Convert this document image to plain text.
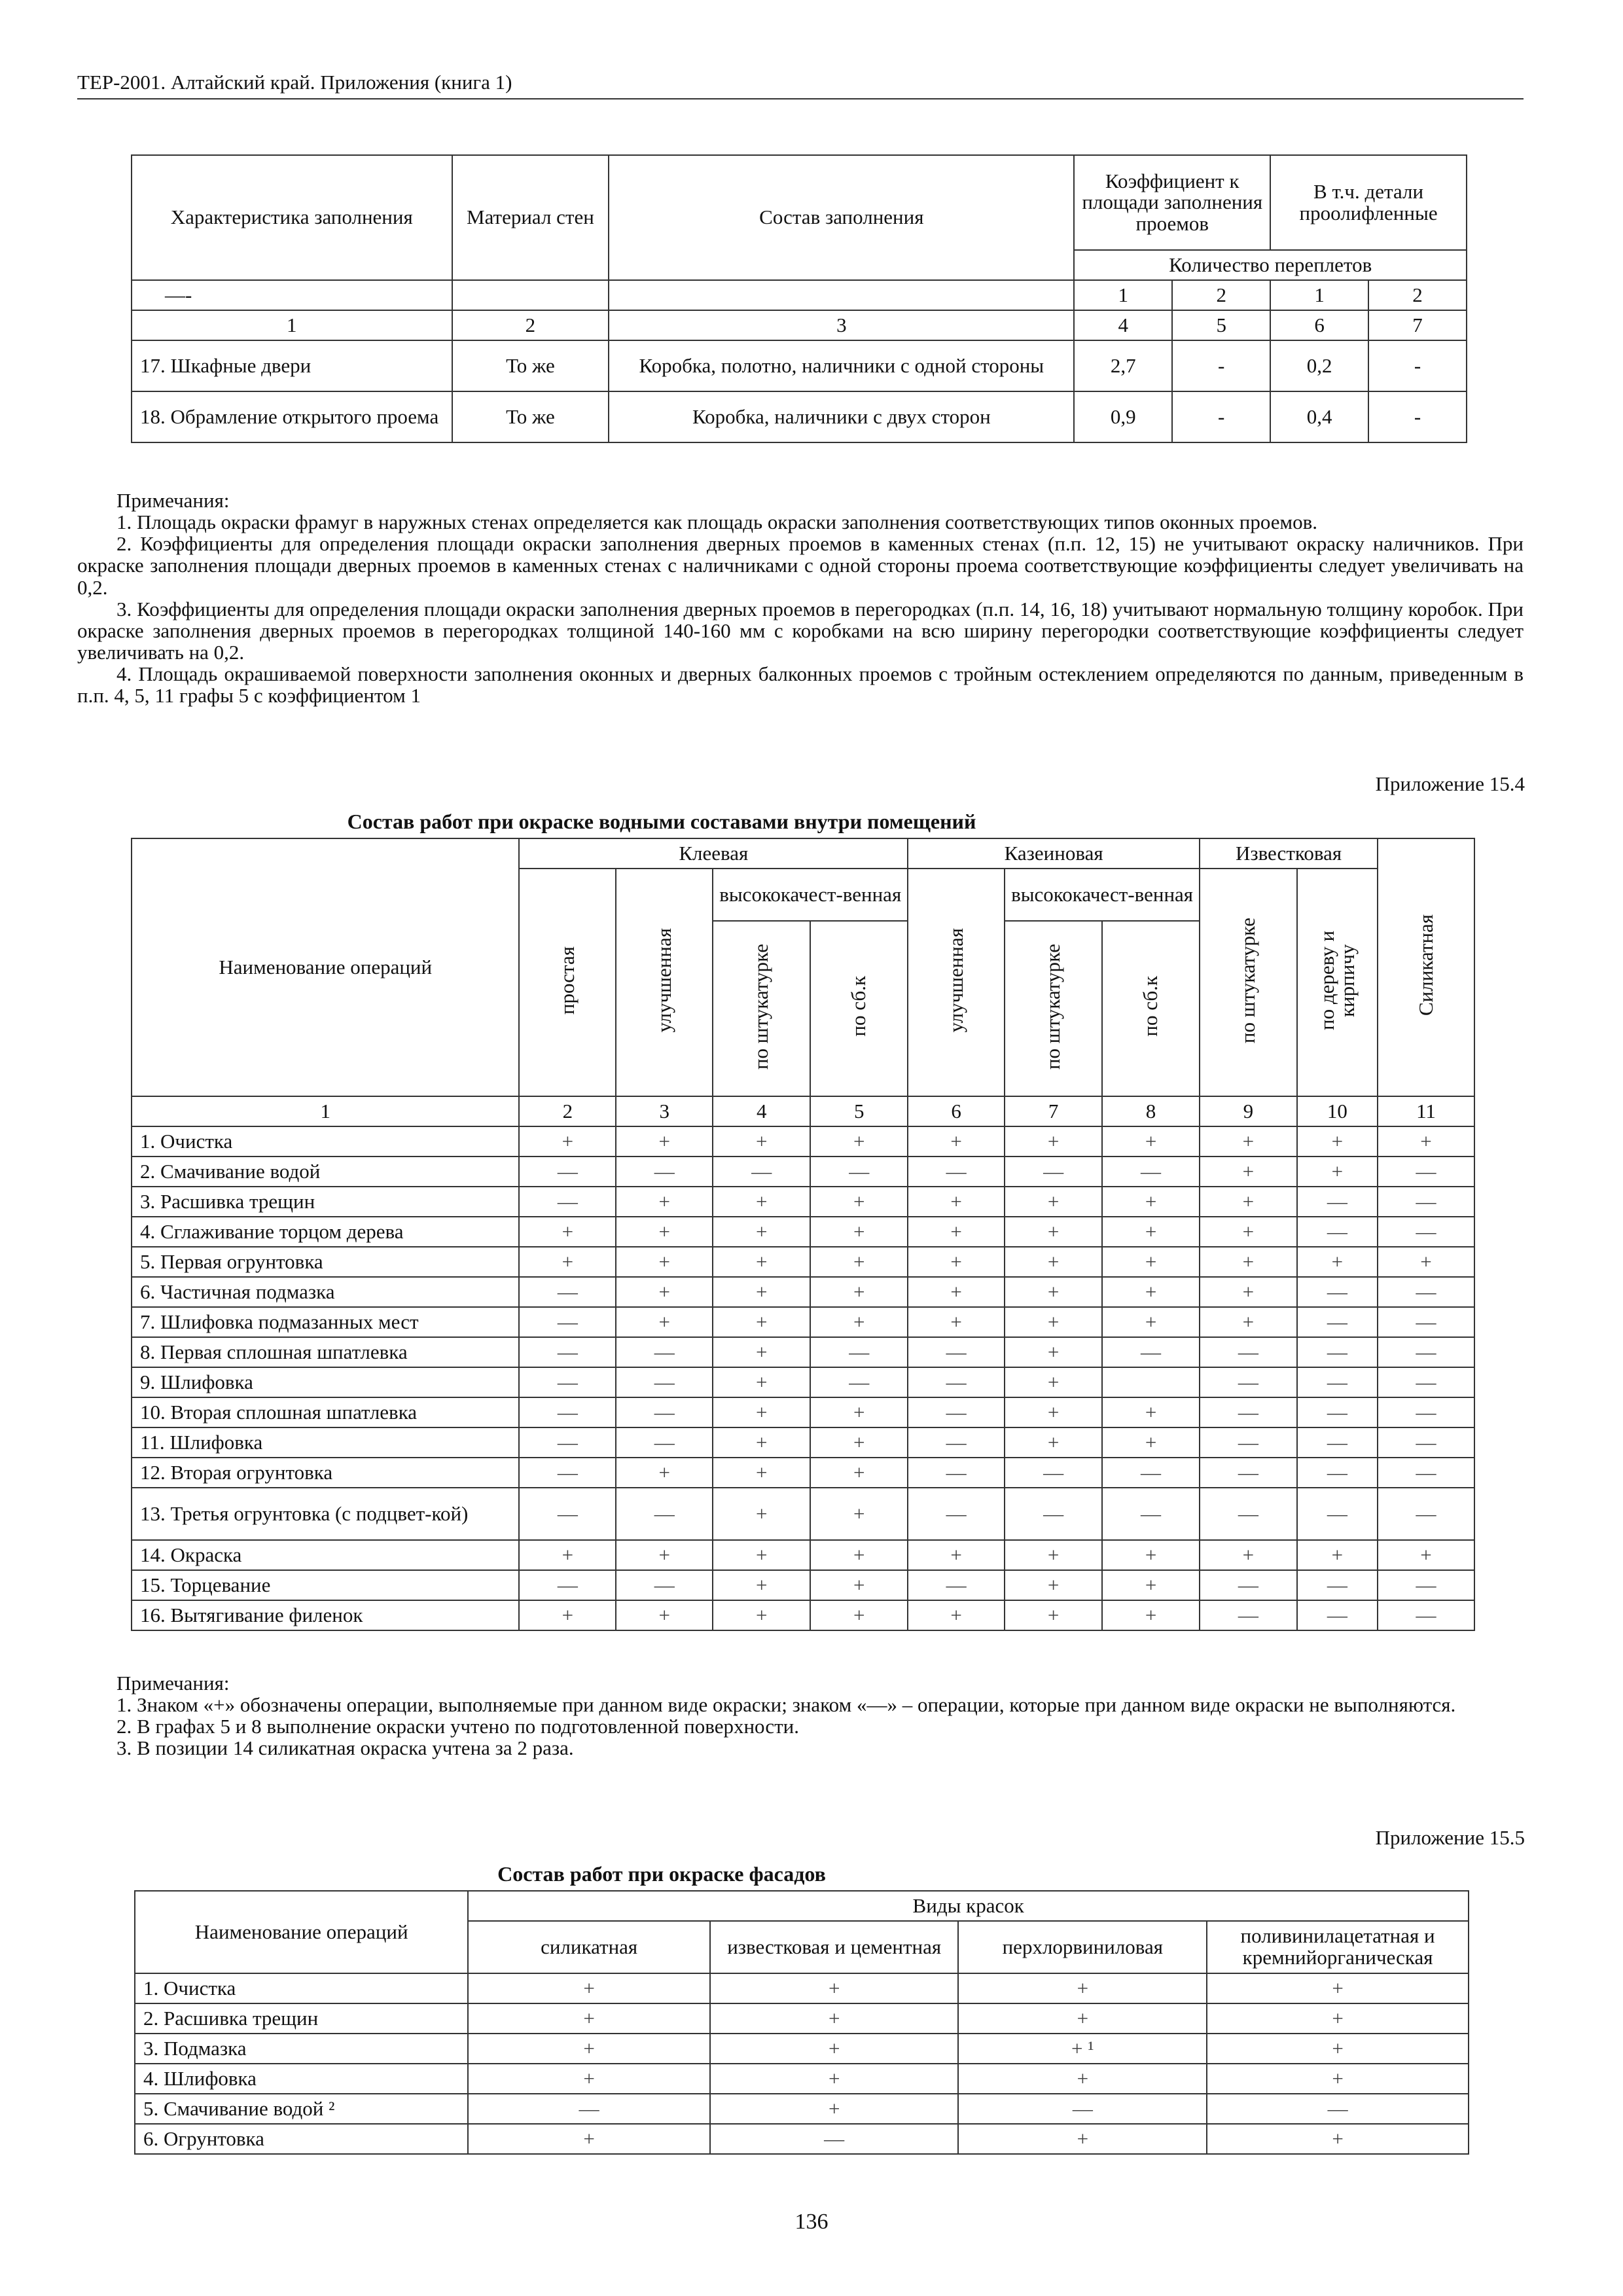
ТЕР-2001. Алтайский край. Приложения (книга 1)
Характеристика заполнения	Материал стен	Состав заполнения	Коэффициент к площади заполнения проемов		В т.ч. детали проолифленные	
			Количество переплетов			
—-			1	2	1	2
1	2	3	4	5	6	7
17. Шкафные двери	То же	Коробка, полотно, наличники с одной стороны	2,7	-	0,2	-
18. Обрамление открытого проема	То же	Коробка, наличники с двух сторон	0,9	-	0,4	-

Примечания:

1. Площадь окраски фрамуг в наружных стенах определяется как площадь окраски заполнения соответствующих типов оконных проемов.

2. Коэффициенты для определения площади окраски заполнения дверных проемов в каменных стенах (п.п. 12, 15) не учитывают окраску наличников. При окраске заполнения площади дверных проемов в каменных стенах с наличниками с одной стороны проема соответствующие коэффициенты следует увеличивать на 0,2.

3. Коэффициенты для определения площади окраски заполнения дверных проемов в перегородках (п.п. 14, 16, 18) учитывают нормальную толщину коробок. При окраске заполнения дверных проемов в перегородках толщиной 140-160 мм с коробками на всю ширину перегородки соответствующие коэффициенты следует увеличивать на 0,2.

4. Площадь окрашиваемой поверхности заполнения оконных и дверных балконных проемов с тройным остеклением определяются по данным, приведенным в п.п. 4, 5, 11 графы 5 с коэффициентом 1

Приложение 15.4
Состав работ при окраске водными составами внутри помещений
Наименование операций	Клеевая				Казеиновая			Известковая		Силикатная
	простая	улучшенная	высококачест-венная		улучшенная	высококачест-венная		по штукатурке	по дереву и кирпичу	
			по штукатурке	по сб.к		по штукатурке	по сб.к			
1	2	3	4	5	6	7	8	9	10	11
1. Очистка	+	+	+	+	+	+	+	+	+	+
2. Смачивание водой	—	—	—	—	—	—	—	+	+	—
3. Расшивка трещин	—	+	+	+	+	+	+	+	—	—
4. Сглаживание торцом дерева	+	+	+	+	+	+	+	+	—	—
5. Первая огрунтовка	+	+	+	+	+	+	+	+	+	+
6. Частичная подмазка	—	+	+	+	+	+	+	+	—	—
7. Шлифовка подмазанных мест	—	+	+	+	+	+	+	+	—	—
8. Первая сплошная шпатлевка	—	—	+	—	—	+	—	—	—	—
9. Шлифовка	—	—	+	—	—	+		—	—	—
10. Вторая сплошная шпатлевка	—	—	+	+	—	+	+	—	—	—
11. Шлифовка	—	—	+	+	—	+	+	—	—	—
12. Вторая огрунтовка	—	+	+	+	—	—	—	—	—	—
13. Третья огрунтовка (с подцвет-кой)	—	—	+	+	—	—	—	—	—	—
14. Окраска	+	+	+	+	+	+	+	+	+	+
15. Торцевание	—	—	+	+	—	+	+	—	—	—
16. Вытягивание филенок	+	+	+	+	+	+	+	—	—	—

Примечания:

1. Знаком «+» обозначены операции, выполняемые при данном виде окраски; знаком «—» – операции, которые при данном виде окраски не выполняются.

2. В графах 5 и 8 выполнение окраски учтено по подготовленной поверхности.

3. В позиции 14 силикатная окраска учтена за 2 раза.

Приложение 15.5
Состав работ при окраске фасадов
Наименование операций	Виды красок			
	силикатная	известковая и цементная	перхлорвиниловая	поливинилацетатная и кремнийорганическая
1. Очистка	+	+	+	+
2. Расшивка трещин	+	+	+	+
3. Подмазка	+	+	+ ¹	+
4. Шлифовка	+	+	+	+
5. Смачивание водой ²	—	+	—	—
6. Огрунтовка	+	—	+	+
136
